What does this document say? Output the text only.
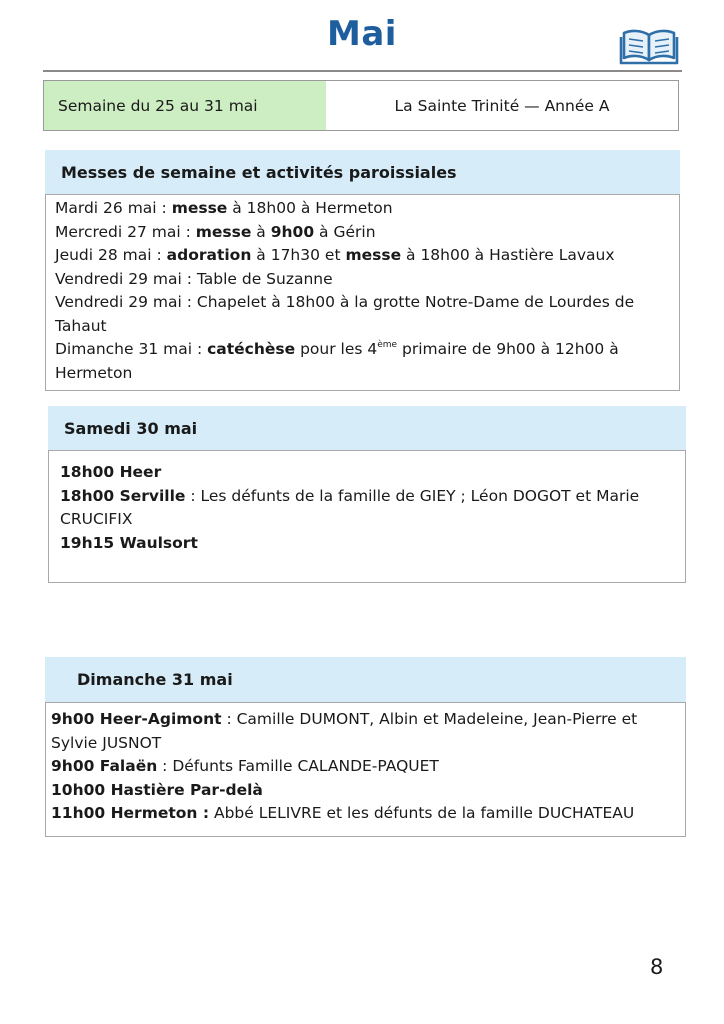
Mai
Semaine du 25 au 31 mai	La Sainte Trinité — Année A
Messes de semaine et activités paroissiales

Mardi 26 mai : messe à 18h00 à Hermeton

Mercredi 27 mai : messe à 9h00 à Gérin

Jeudi 28 mai : adoration à 17h30 et messe à 18h00 à Hastière Lavaux

Vendredi 29 mai : Table de Suzanne

Vendredi 29 mai : Chapelet à 18h00 à la grotte Notre-Dame de Lourdes de Tahaut

Dimanche 31 mai : catéchèse pour les 4ème primaire de 9h00 à 12h00 à Hermeton

Samedi 30 mai

18h00 Heer

18h00 Serville : Les défunts de la famille de GIEY ; Léon DOGOT et Marie CRUCIFIX

19h15 Waulsort

Dimanche 31 mai

9h00 Heer-Agimont : Camille DUMONT, Albin et Madeleine, Jean-Pierre et Sylvie JUSNOT

9h00 Falaën : Défunts Famille CALANDE-PAQUET

10h00 Hastière Par-delà

11h00 Hermeton : Abbé LELIVRE et les défunts de la famille DUCHATEAU

8
